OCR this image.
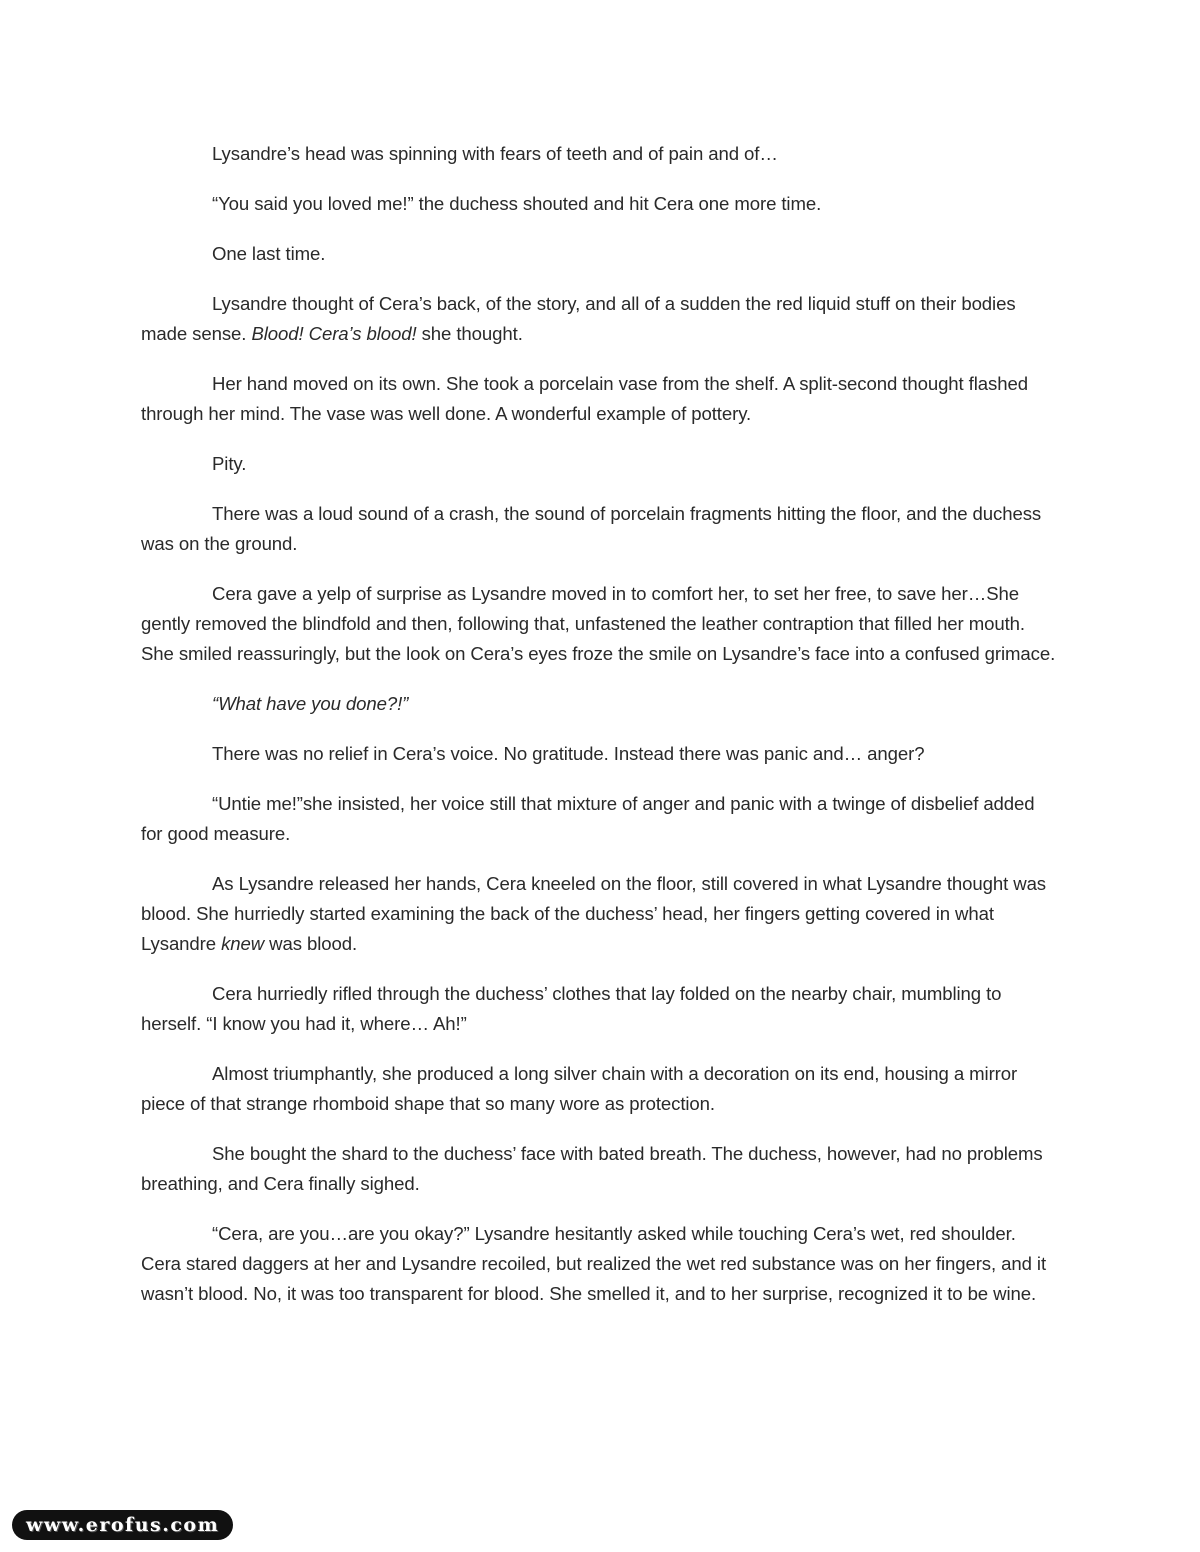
Lysandre’s head was spinning with fears of teeth and of pain and of…

“You said you loved me!” the duchess shouted and hit Cera one more time.

One last time.

Lysandre thought of Cera’s back, of the story, and all of a sudden the red liquid stuff on their bodies made sense. Blood! Cera’s blood! she thought.

Her hand moved on its own. She took a porcelain vase from the shelf. A split-second thought flashed through her mind. The vase was well done. A wonderful example of pottery.

Pity.

There was a loud sound of a crash, the sound of porcelain fragments hitting the floor, and the duchess was on the ground.

Cera gave a yelp of surprise as Lysandre moved in to comfort her, to set her free, to save her…She gently removed the blindfold and then, following that, unfastened the leather contraption that filled her mouth. She smiled reassuringly, but the look on Cera’s eyes froze the smile on Lysandre’s face into a confused grimace.

“What have you done?!”

There was no relief in Cera’s voice. No gratitude. Instead there was panic and… anger?

“Untie me!”she insisted, her voice still that mixture of anger and panic with a twinge of disbelief added for good measure.

As Lysandre released her hands, Cera kneeled on the floor, still covered in what Lysandre thought was blood. She hurriedly started examining the back of the duchess’ head, her fingers getting covered in what Lysandre knew was blood.

Cera hurriedly rifled through the duchess’ clothes that lay folded on the nearby chair, mumbling to herself. “I know you had it, where… Ah!”

Almost triumphantly, she produced a long silver chain with a decoration on its end, housing a mirror piece of that strange rhomboid shape that so many wore as protection.

She bought the shard to the duchess’ face with bated breath. The duchess, however, had no problems breathing, and Cera finally sighed.

“Cera, are you…are you okay?” Lysandre hesitantly asked while touching Cera’s wet, red shoulder. Cera stared daggers at her and Lysandre recoiled, but realized the wet red substance was on her fingers, and it wasn’t blood. No, it was too transparent for blood. She smelled it, and to her surprise, recognized it to be wine.

www.erofus.com
